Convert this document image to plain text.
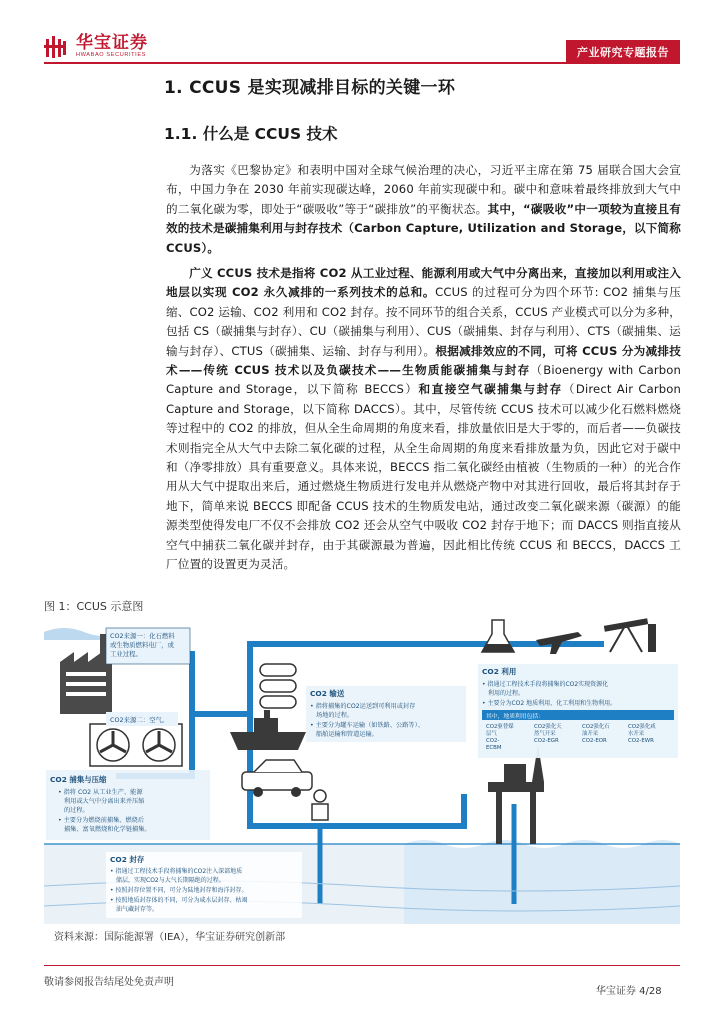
华宝证券
HWABAO SECURITIES	产业研究专题报告
1. CCUS 是实现减排目标的关键一环
1.1. 什么是 CCUS 技术
为落实《巴黎协定》和表明中国对全球气候治理的决心，习近平主席在第 75 届联合国大会宣布，中国力争在 2030 年前实现碳达峰，2060 年前实现碳中和。碳中和意味着最终排放到大气中的二氧化碳为零，即处于“碳吸收”等于“碳排放”的平衡状态。其中，“碳吸收”中一项较为直接且有效的技术是碳捕集利用与封存技术（Carbon Capture, Utilization and Storage，以下简称 CCUS）。
广义 CCUS 技术是指将 CO2 从工业过程、能源利用或大气中分离出来，直接加以利用或注入地层以实现 CO2 永久减排的一系列技术的总和。CCUS 的过程可分为四个环节: CO2 捕集与压缩、CO2 运输、CO2 利用和 CO2 封存。按不同环节的组合关系，CCUS 产业模式可以分为多种，包括 CS（碳捕集与封存）、CU（碳捕集与利用）、CUS（碳捕集、封存与利用）、CTS（碳捕集、运输与封存）、CTUS（碳捕集、运输、封存与利用）。根据减排效应的不同，可将 CCUS 分为减排技术——传统 CCUS 技术以及负碳技术——生物质能碳捕集与封存（Bioenergy with Carbon Capture and Storage，以下简称 BECCS）和直接空气碳捕集与封存（Direct Air Carbon Capture and Storage，以下简称 DACCS）。其中，尽管传统 CCUS 技术可以减少化石燃料燃烧等过程中的 CO2 的排放，但从全生命周期的角度来看，排放量依旧是大于零的，而后者——负碳技术则指完全从大气中去除二氧化碳的过程，从全生命周期的角度来看排放量为负，因此它对于碳中和（净零排放）具有重要意义。具体来说，BECCS 指二氧化碳经由植被（生物质的一种）的光合作用从大气中提取出来后，通过燃烧生物质进行发电并从燃烧产物中对其进行回收，最后将其封存于地下，简单来说 BECCS 即配备 CCUS 技术的生物质发电站，通过改变二氧化碳来源（碳源）的能源类型使得发电厂不仅不会排放 CO2 还会从空气中吸收 CO2 封存于地下；而 DACCS 则指直接从空气中捕获二氧化碳并封存，由于其碳源最为普遍，因此相比传统 CCUS 和 BECCS，DACCS 工厂位置的设置更为灵活。
图 1：CCUS 示意图
CO2来源一：化石燃料
或生物质燃料电厂，或
工业过程。
CO2来源二：空气。
CO2 捕集与压缩
• 指将 CO2 从工业生产、能源
利用或大气中分离出来并压缩
的过程。
• 主要分为燃烧前捕集、燃烧后
捕集、富氧燃烧和化学链捕集。
CO2 输送
• 指将捕集的CO2运送到可利用或封存
场地的过程。
• 主要分为罐车运输（如铁路、公路等）、
船舶运输和管道运输。
CO2 利用
• 指通过工程技术手段将捕集的CO2实现资源化
利用的过程。
• 主要分为CO2 地质利用、化工利用和生物利用。
其中，地质利用包括：
CO2驱替煤
层气
CO2-
ECBM
CO2强化天
然气开采
CO2-EGR
CO2强化石
油开采
CO2-EOR
CO2强化咸
水开采
CO2-EWR
CO2 封存
• 指通过工程技术手段将捕集的CO2注入深部地质
储层，实现CO2与大气长期隔绝的过程。
• 按照封存位置不同，可分为陆地封存和海洋封存。
• 按照地质封存体的不同，可分为咸水层封存、枯竭
油气藏封存等。
资料来源：国际能源署（IEA），华宝证券研究创新部
敬请参阅报告结尾处免责声明
华宝证券 4/28
